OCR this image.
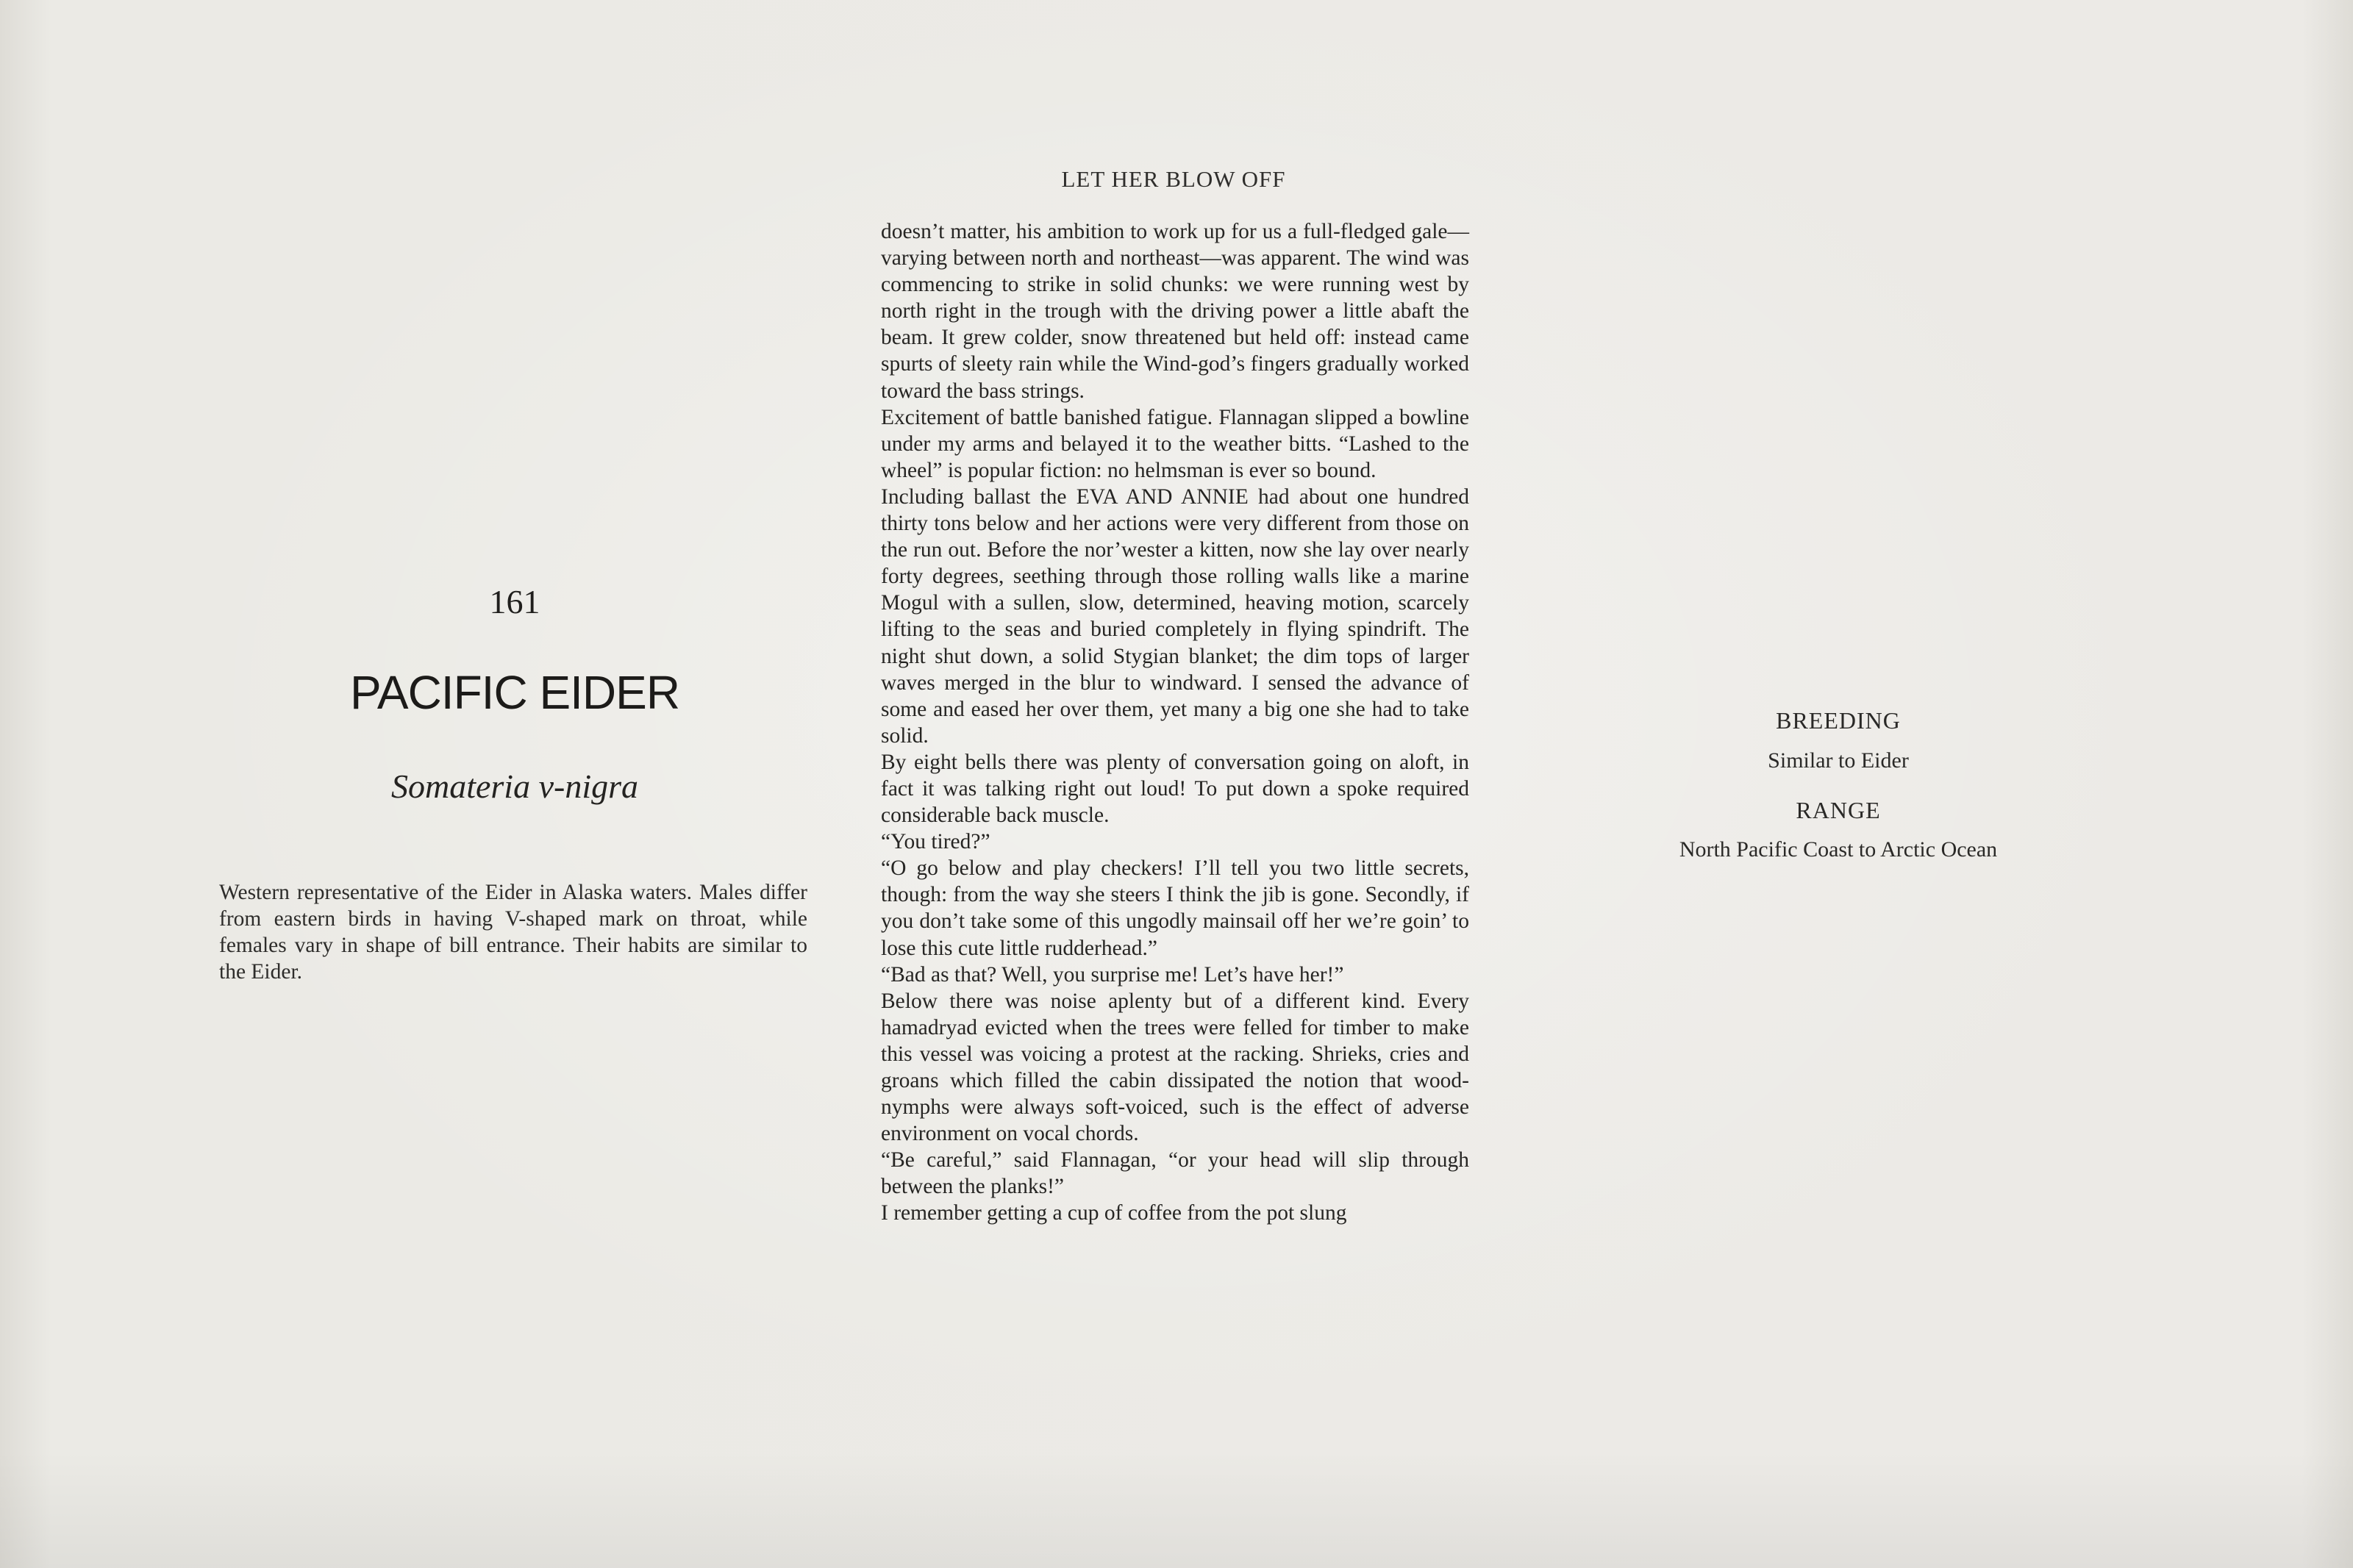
161
PACIFIC EIDER
Somateria v-nigra
Western representative of the Eider in Alaska waters. Males differ from eastern birds in having V-shaped mark on throat, while females vary in shape of bill entrance. Their habits are similar to the Eider.
LET HER BLOW OFF

doesn’t matter, his ambition to work up for us a full-fledged gale—varying between north and northeast—was apparent. The wind was commencing to strike in solid chunks: we were running west by north right in the trough with the driving power a little abaft the beam. It grew colder, snow threatened but held off: instead came spurts of sleety rain while the Wind-god’s fingers gradually worked toward the bass strings.

Excitement of battle banished fatigue. Flannagan slipped a bowline under my arms and belayed it to the weather bitts. “Lashed to the wheel” is popular fiction: no helmsman is ever so bound.

Including ballast the EVA AND ANNIE had about one hundred thirty tons below and her actions were very different from those on the run out. Before the nor’wester a kitten, now she lay over nearly forty degrees, seething through those rolling walls like a marine Mogul with a sullen, slow, determined, heaving motion, scarcely lifting to the seas and buried completely in flying spindrift. The night shut down, a solid Stygian blanket; the dim tops of larger waves merged in the blur to windward. I sensed the advance of some and eased her over them, yet many a big one she had to take solid.

By eight bells there was plenty of conversation going on aloft, in fact it was talking right out loud! To put down a spoke required considerable back muscle.

“You tired?”

“O go below and play checkers! I’ll tell you two little secrets, though: from the way she steers I think the jib is gone. Secondly, if you don’t take some of this ungodly mainsail off her we’re goin’ to lose this cute little rudderhead.”

“Bad as that? Well, you surprise me! Let’s have her!”

Below there was noise aplenty but of a different kind. Every hamadryad evicted when the trees were felled for timber to make this vessel was voicing a protest at the racking. Shrieks, cries and groans which filled the cabin dissipated the notion that wood-nymphs were always soft-voiced, such is the effect of adverse environment on vocal chords.

“Be careful,” said Flannagan, “or your head will slip through between the planks!”

I remember getting a cup of coffee from the pot slung

BREEDING
Similar to Eider
RANGE
North Pacific Coast to Arctic Ocean
